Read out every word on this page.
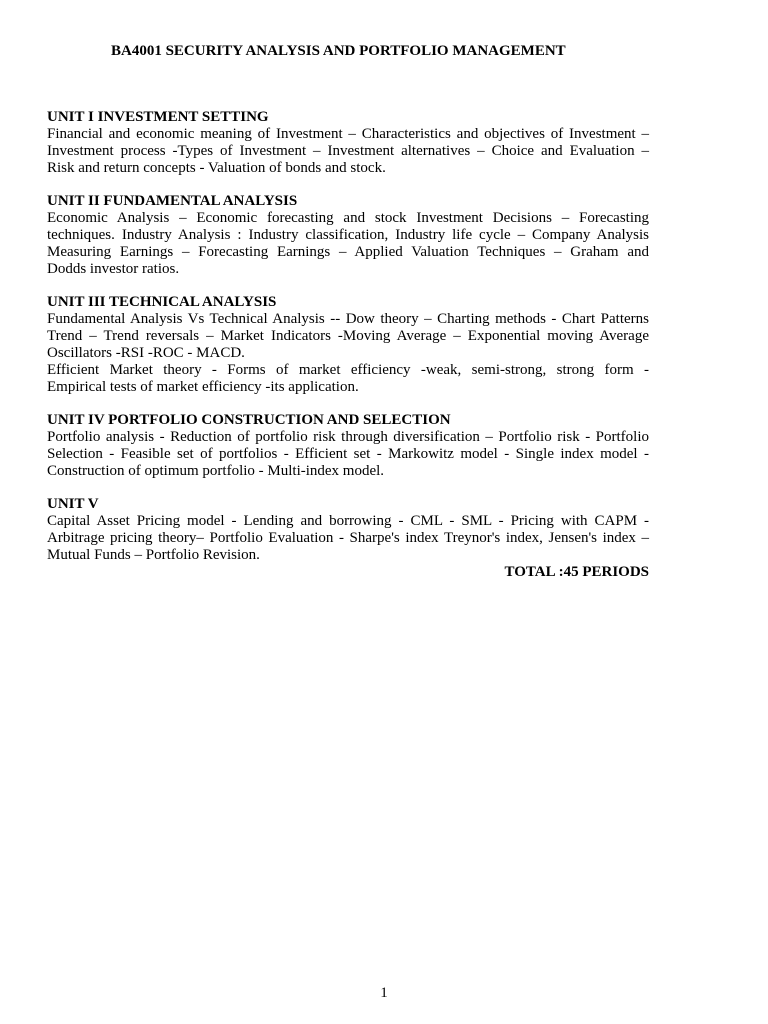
BA4001 SECURITY ANALYSIS AND PORTFOLIO MANAGEMENT

UNIT I INVESTMENT SETTING

Financial and economic meaning of Investment – Characteristics and objectives of Investment –
Investment process -Types of Investment – Investment alternatives – Choice and Evaluation –
Risk and return concepts - Valuation of bonds and stock.

UNIT II FUNDAMENTAL ANALYSIS

Economic Analysis – Economic forecasting and stock Investment Decisions – Forecasting
techniques. Industry Analysis : Industry classification, Industry life cycle – Company Analysis
Measuring Earnings – Forecasting Earnings – Applied Valuation Techniques – Graham and
Dodds investor ratios.

UNIT III TECHNICAL ANALYSIS

Fundamental Analysis Vs Technical Analysis -- Dow theory – Charting methods - Chart Patterns
Trend – Trend reversals – Market Indicators -Moving Average – Exponential moving Average
Oscillators -RSI -ROC - MACD.
Efficient Market theory - Forms of market efficiency -weak, semi-strong, strong form -
Empirical tests of market efficiency -its application.

UNIT IV PORTFOLIO CONSTRUCTION AND SELECTION

Portfolio analysis - Reduction of portfolio risk through diversification – Portfolio risk - Portfolio
Selection - Feasible set of portfolios - Efficient set - Markowitz model - Single index model -
Construction of optimum portfolio - Multi-index model.

UNIT V

Capital Asset Pricing model - Lending and borrowing - CML - SML - Pricing with CAPM -
Arbitrage pricing theory– Portfolio Evaluation - Sharpe's index Treynor's index, Jensen's index –
Mutual Funds – Portfolio Revision.

TOTAL :45 PERIODS

1
